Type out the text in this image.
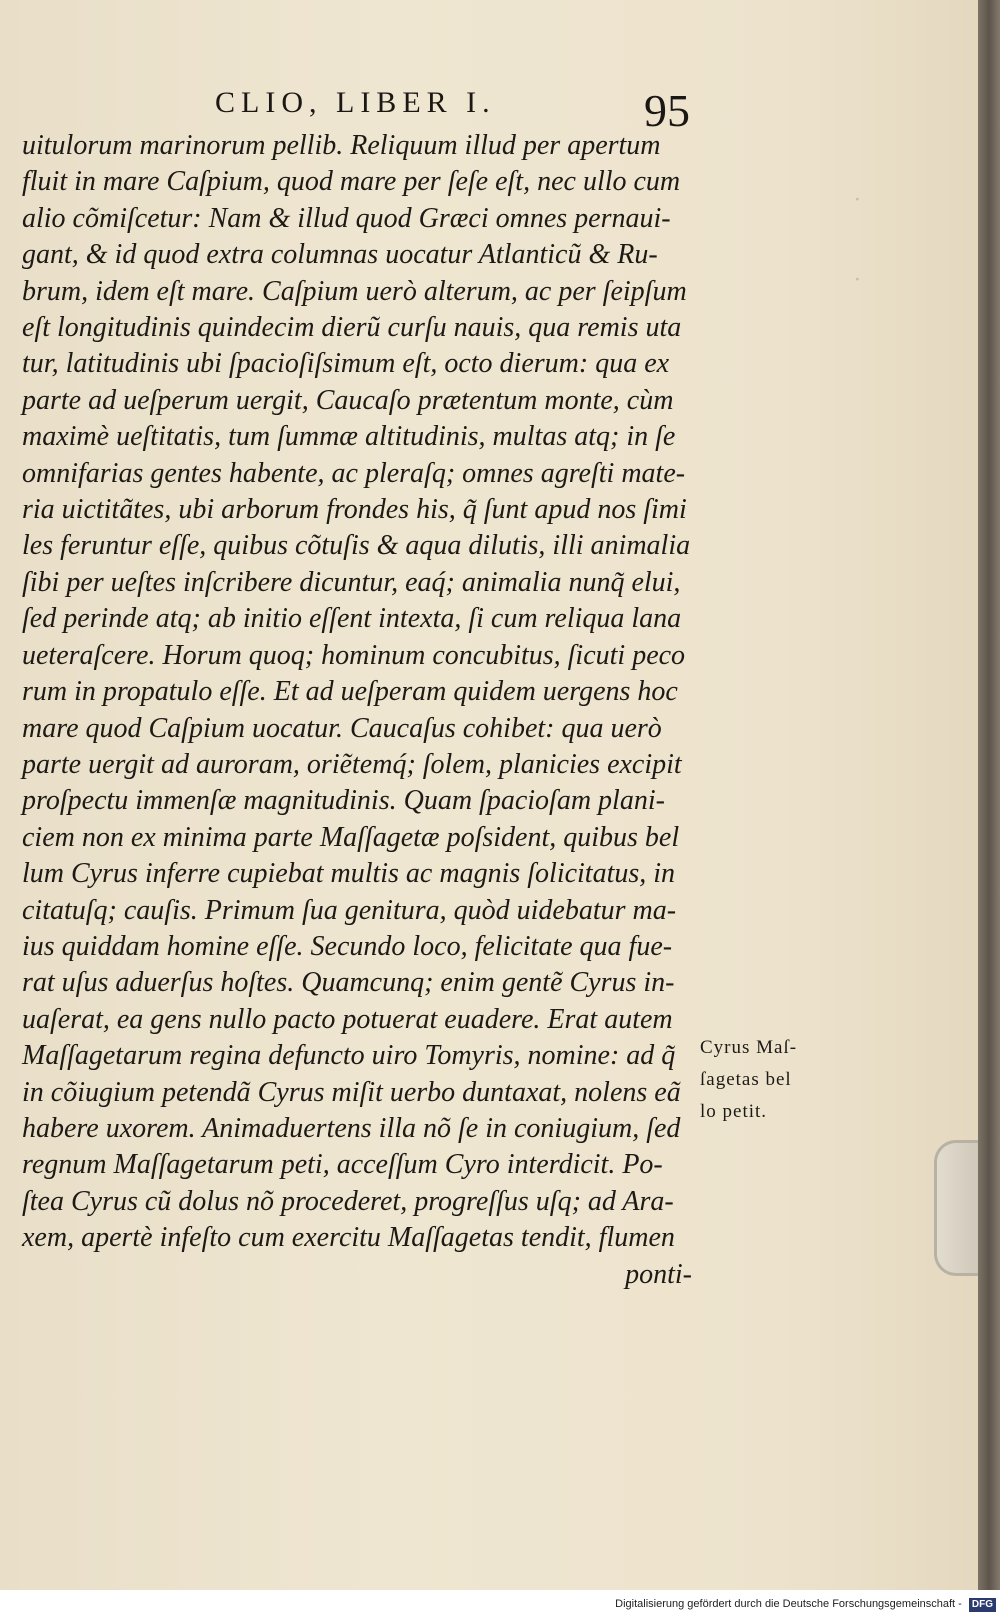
·

·
CLIO, LIBER I.	95
uitulorum marinorum pellib. Reliquum illud per apertum
fluit in mare Caſpium, quod mare per ſeſe eſt, nec ullo cum
alio cõmiſcetur: Nam & illud quod Græci omnes pernaui-
gant, & id quod extra columnas uocatur Atlanticũ & Ru-
brum, idem eſt mare. Caſpium uerò alterum, ac per ſeipſum
eſt longitudinis quindecim dierũ curſu nauis, qua remis uta
tur, latitudinis ubi ſpacioſiſsimum eſt, octo dierum: qua ex
parte ad ueſperum uergit, Caucaſo prætentum monte, cùm
maximè ueſtitatis, tum ſummæ altitudinis, multas atq; in ſe
omnifarias gentes habente, ac pleraſq; omnes agreſti mate-
ria uictitãtes, ubi arborum frondes his, q̃ ſunt apud nos ſimi
les feruntur eſſe, quibus cõtuſis & aqua dilutis, illi animalia
ſibi per ueſtes inſcribere dicuntur, eaq́; animalia nunq̃ elui,
ſed perinde atq; ab initio eſſent intexta, ſi cum reliqua lana
ueteraſcere. Horum quoq; hominum concubitus, ſicuti peco
rum in propatulo eſſe. Et ad ueſperam quidem uergens hoc
mare quod Caſpium uocatur. Caucaſus cohibet: qua uerò
parte uergit ad auroram, oriẽtemq́; ſolem, planicies excipit
proſpectu immenſæ magnitudinis. Quam ſpacioſam plani-
ciem non ex minima parte Maſſagetæ poſsident, quibus bel
lum Cyrus inferre cupiebat multis ac magnis ſolicitatus, in
citatuſq; cauſis. Primum ſua genitura, quòd uidebatur ma-
ius quiddam homine eſſe. Secundo loco, felicitate qua fue-
rat uſus aduerſus hoſtes. Quamcunq; enim gentẽ Cyrus in-
uaſerat, ea gens nullo pacto potuerat euadere. Erat autem
Maſſagetarum regina defuncto uiro Tomyris, nomine: ad q̃
in cõiugium petendã Cyrus miſit uerbo duntaxat, nolens eã
habere uxorem. Animaduertens illa nõ ſe in coniugium, ſed
regnum Maſſagetarum peti, acceſſum Cyro interdicit. Po-
ſtea Cyrus cũ dolus nõ procederet, progreſſus uſq; ad Ara-
xem, apertè infeſto cum exercitu Maſſagetas tendit, flumen
ponti-
Cyrus Maſ-
ſagetas bel
lo petit.
Digitalisierung gefördert durch die Deutsche Forschungsgemeinschaft - DFG
